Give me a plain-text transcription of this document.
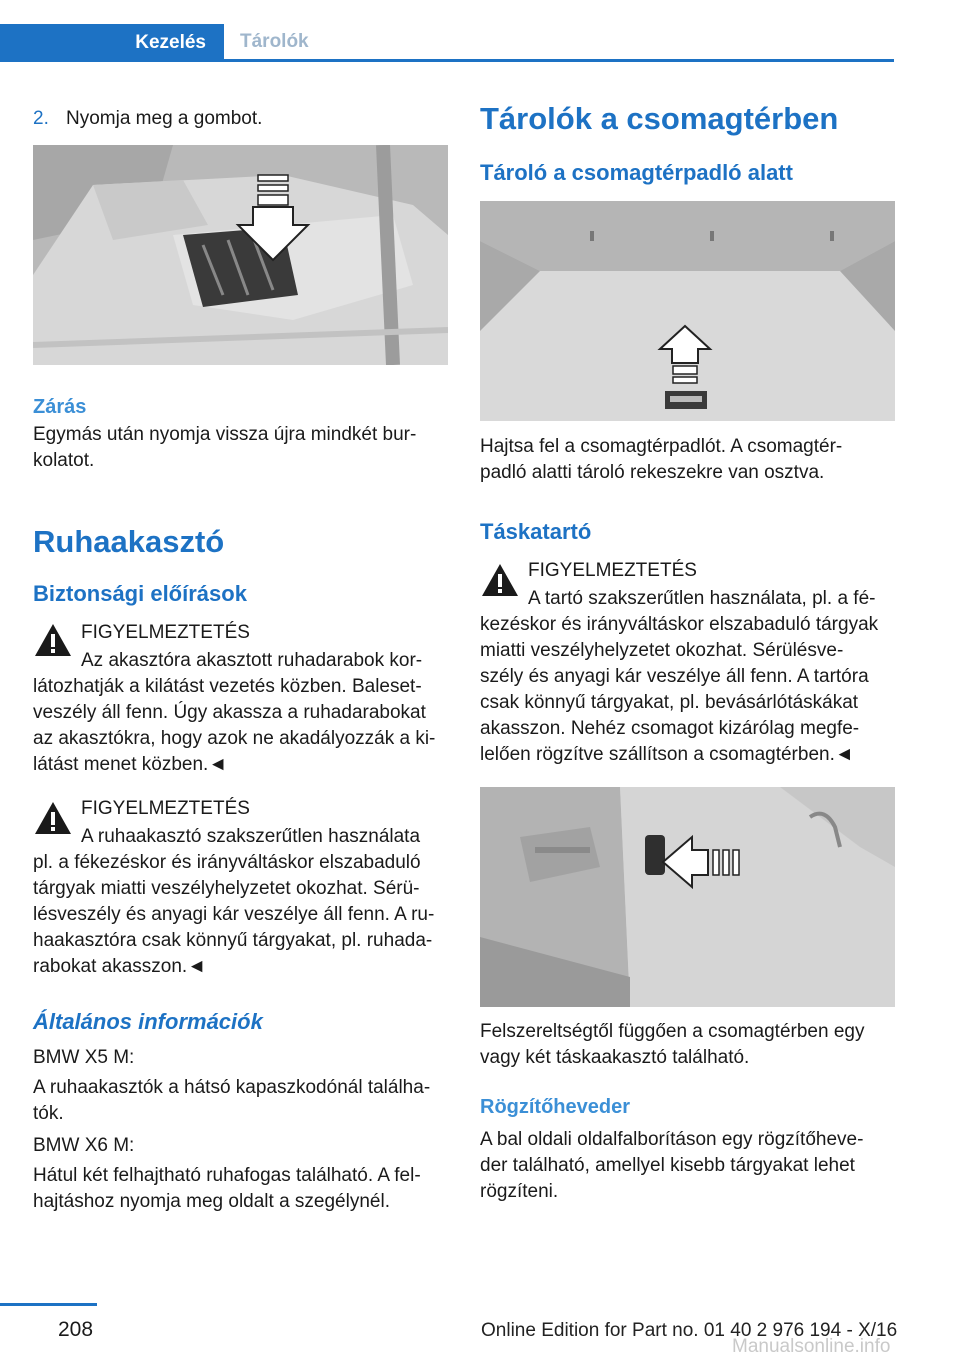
Kezelés	Tárolók
2. Nyomja meg a gombot.
Zárás
Egymás után nyomja vissza újra mindkét bur-
kolatot.
Ruhaakasztó
Biztonsági előírások
FIGYELMEZTETÉS
Az akasztóra akasztott ruhadarabok kor-
látozhatják a kilátást vezetés közben. Baleset-
veszély áll fenn. Úgy akassza a ruhadarabokat
az akasztókra, hogy azok ne akadályozzák a ki-
látást menet közben.◄
FIGYELMEZTETÉS
A ruhaakasztó szakszerűtlen használata
pl. a fékezéskor és irányváltáskor elszabaduló
tárgyak miatti veszélyhelyzetet okozhat. Sérü-
lésveszély és anyagi kár veszélye áll fenn. A ru-
haakasztóra csak könnyű tárgyakat, pl. ruhada-
rabokat akasszon.◄
Általános információk
BMW X5 M:
A ruhaakasztók a hátsó kapaszkodónál találha-
tók.
BMW X6 M:
Hátul két felhajtható ruhafogas található. A fel-
hajtáshoz nyomja meg oldalt a szegélynél.
Tárolók a csomagtérben
Tároló a csomagtérpadló alatt
Hajtsa fel a csomagtérpadlót. A csomagtér-
padló alatti tároló rekeszekre van osztva.
Táskatartó
FIGYELMEZTETÉS
A tartó szakszerűtlen használata, pl. a fé-
kezéskor és irányváltáskor elszabaduló tárgyak
miatti veszélyhelyzetet okozhat. Sérülésve-
szély és anyagi kár veszélye áll fenn. A tartóra
csak könnyű tárgyakat, pl. bevásárlótáskákat
akasszon. Nehéz csomagot kizárólag megfe-
lelően rögzítve szállítson a csomagtérben.◄
Felszereltségtől függően a csomagtérben egy
vagy két táskaakasztó található.
Rögzítőheveder
A bal oldali oldalfalborításon egy rögzítőheve-
der található, amellyel kisebb tárgyakat lehet
rögzíteni.
208	Online Edition for Part no. 01 40 2 976 194 - X/16
Manualsonline.info
